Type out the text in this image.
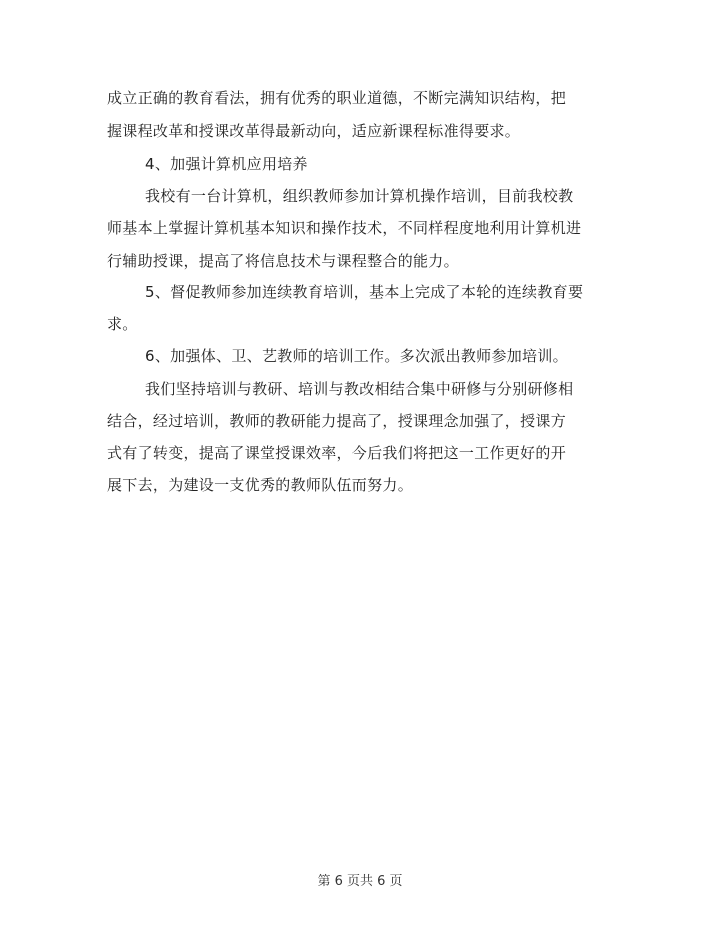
成立正确的教育看法，拥有优秀的职业道德，不断完满知识结构，把
握课程改革和授课改革得最新动向，适应新课程标准得要求。
4、加强计算机应用培养
我校有一台计算机，组织教师参加计算机操作培训，目前我校教
师基本上掌握计算机基本知识和操作技术，不同样程度地利用计算机进
行辅助授课，提高了将信息技术与课程整合的能力。
5、督促教师参加连续教育培训，基本上完成了本轮的连续教育要
求。
6、加强体、卫、艺教师的培训工作。多次派出教师参加培训。
我们坚持培训与教研、培训与教改相结合集中研修与分别研修相
结合，经过培训，教师的教研能力提高了，授课理念加强了，授课方
式有了转变，提高了课堂授课效率，今后我们将把这一工作更好的开
展下去，为建设一支优秀的教师队伍而努力。
第 6 页共 6 页
